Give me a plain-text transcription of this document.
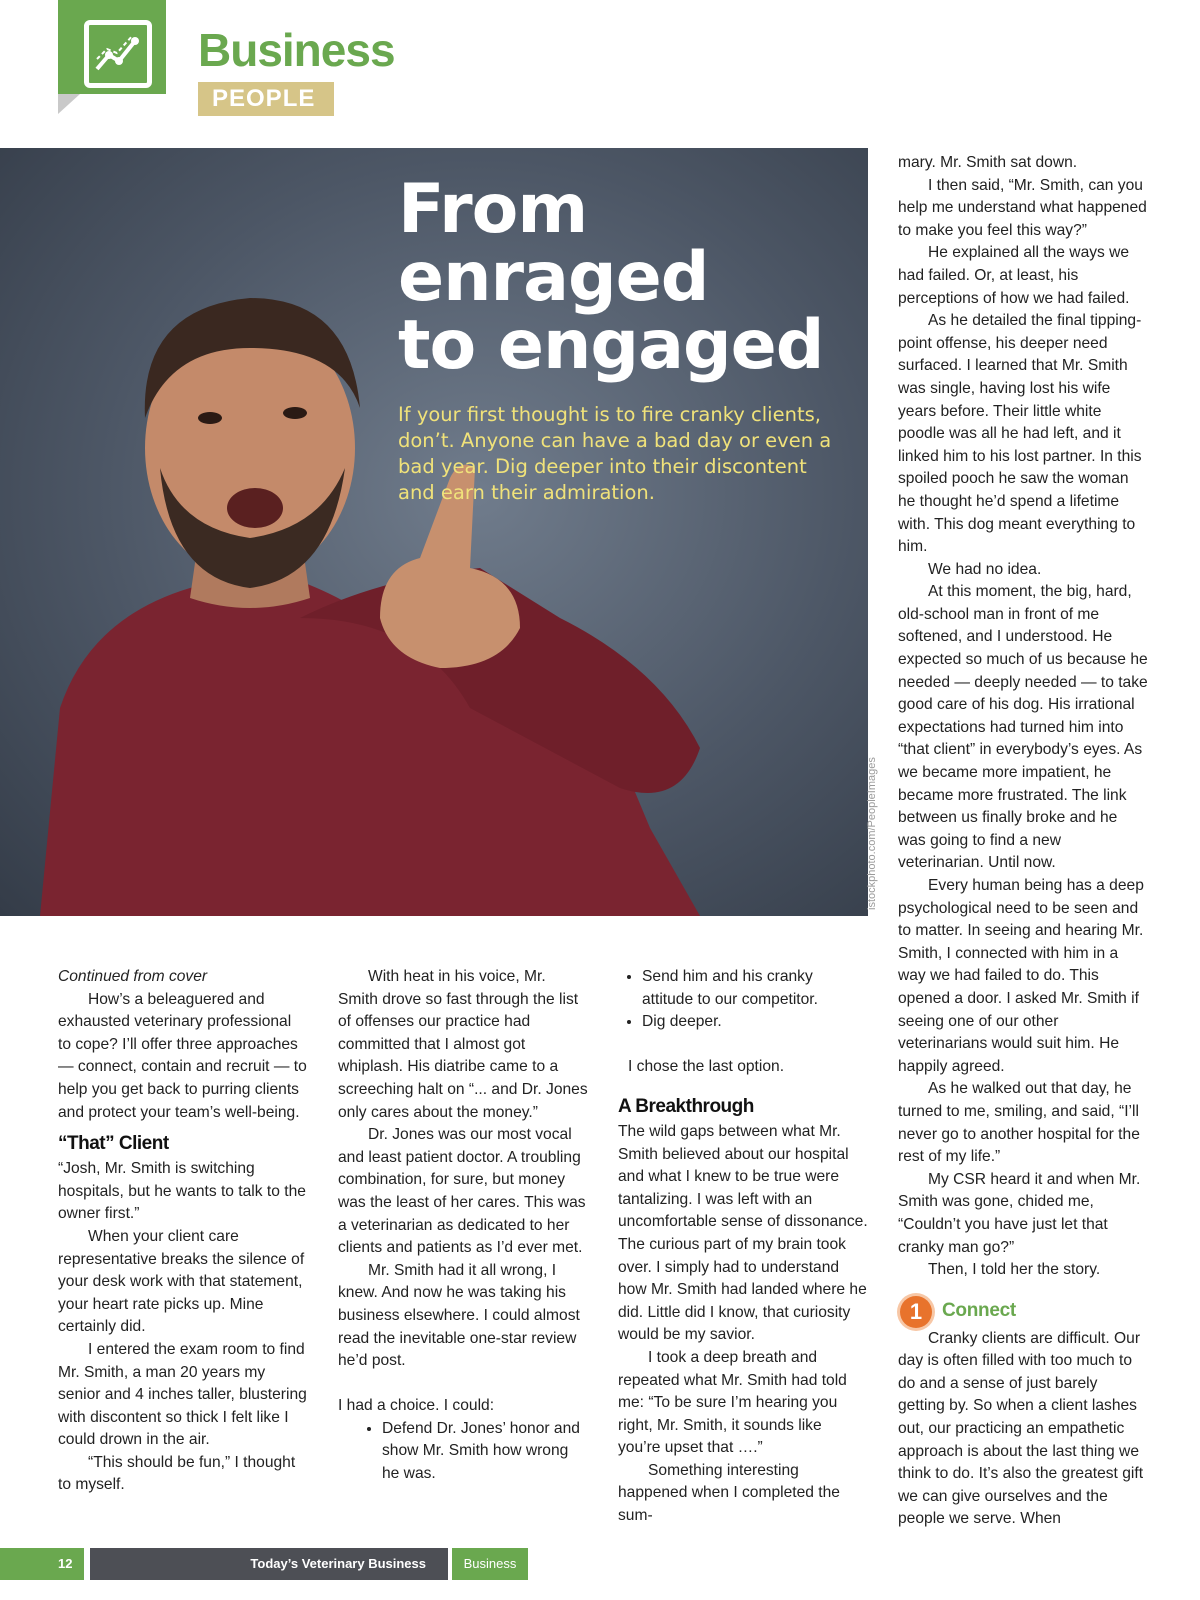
Business
PEOPLE
From
enraged
to engaged
If your first thought is to fire cranky clients, don’t. Anyone can have a bad day or even a bad year. Dig deeper into their discontent and earn their admiration.
istockphoto.com/PeopleImages

Continued from cover

How’s a beleaguered and exhausted veterinary professional to cope? I’ll offer three approaches — connect, contain and recruit — to help you get back to purring clients and protect your team’s well-being.

“That” Client

“Josh, Mr. Smith is switching hospitals, but he wants to talk to the owner first.”

When your client care representative breaks the silence of your desk work with that statement, your heart rate picks up. Mine certainly did.

I entered the exam room to find Mr. Smith, a man 20 years my senior and 4 inches taller, blustering with discontent so thick I felt like I could drown in the air.

“This should be fun,” I thought to myself.

With heat in his voice, Mr. Smith drove so fast through the list of offenses our practice had committed that I almost got whiplash. His diatribe came to a screeching halt on “... and Dr. Jones only cares about the money.”

Dr. Jones was our most vocal and least patient doctor. A troubling combination, for sure, but money was the least of her cares. This was a veterinarian as dedicated to her clients and patients as I’d ever met.

Mr. Smith had it all wrong, I knew. And now he was taking his business elsewhere. I could almost read the inevitable one-star review he’d post.

I had a choice. I could:

• Defend Dr. Jones’ honor and show Mr. Smith how wrong he was.
• Send him and his cranky attitude to our competitor.
• Dig deeper.

I chose the last option.

A Breakthrough

The wild gaps between what Mr. Smith believed about our hospital and what I knew to be true were tantalizing. I was left with an uncomfortable sense of dissonance. The curious part of my brain took over. I simply had to understand how Mr. Smith had landed where he did. Little did I know, that curiosity would be my savior.

I took a deep breath and repeated what Mr. Smith had told me: “To be sure I’m hearing you right, Mr. Smith, it sounds like you’re upset that ….”

Something interesting happened when I completed the sum-

mary. Mr. Smith sat down.

I then said, “Mr. Smith, can you help me understand what happened to make you feel this way?”

He explained all the ways we had failed. Or, at least, his perceptions of how we had failed.

As he detailed the final tipping-point offense, his deeper need surfaced. I learned that Mr. Smith was single, having lost his wife years before. Their little white poodle was all he had left, and it linked him to his lost partner. In this spoiled pooch he saw the woman he thought he’d spend a lifetime with. This dog meant everything to him.

We had no idea.

At this moment, the big, hard, old-school man in front of me softened, and I understood. He expected so much of us because he needed — deeply needed — to take good care of his dog. His irrational expectations had turned him into “that client” in everybody’s eyes. As we became more impatient, he became more frustrated. The link between us finally broke and he was going to find a new veterinarian. Until now.

Every human being has a deep psychological need to be seen and to matter. In seeing and hearing Mr. Smith, I connected with him in a way we had failed to do. This opened a door. I asked Mr. Smith if seeing one of our other veterinarians would suit him. He happily agreed.

As he walked out that day, he turned to me, smiling, and said, “I’ll never go to another hospital for the rest of my life.”

My CSR heard it and when Mr. Smith was gone, chided me, “Couldn’t you have just let that cranky man go?”

Then, I told her the story.

1	Connect

Cranky clients are difficult. Our day is often filled with too much to do and a sense of just barely getting by. So when a client lashes out, our practicing an empathetic approach is about the last thing we think to do. It’s also the greatest gift we can give ourselves and the people we serve. When

12	Today’s Veterinary Business	Business
